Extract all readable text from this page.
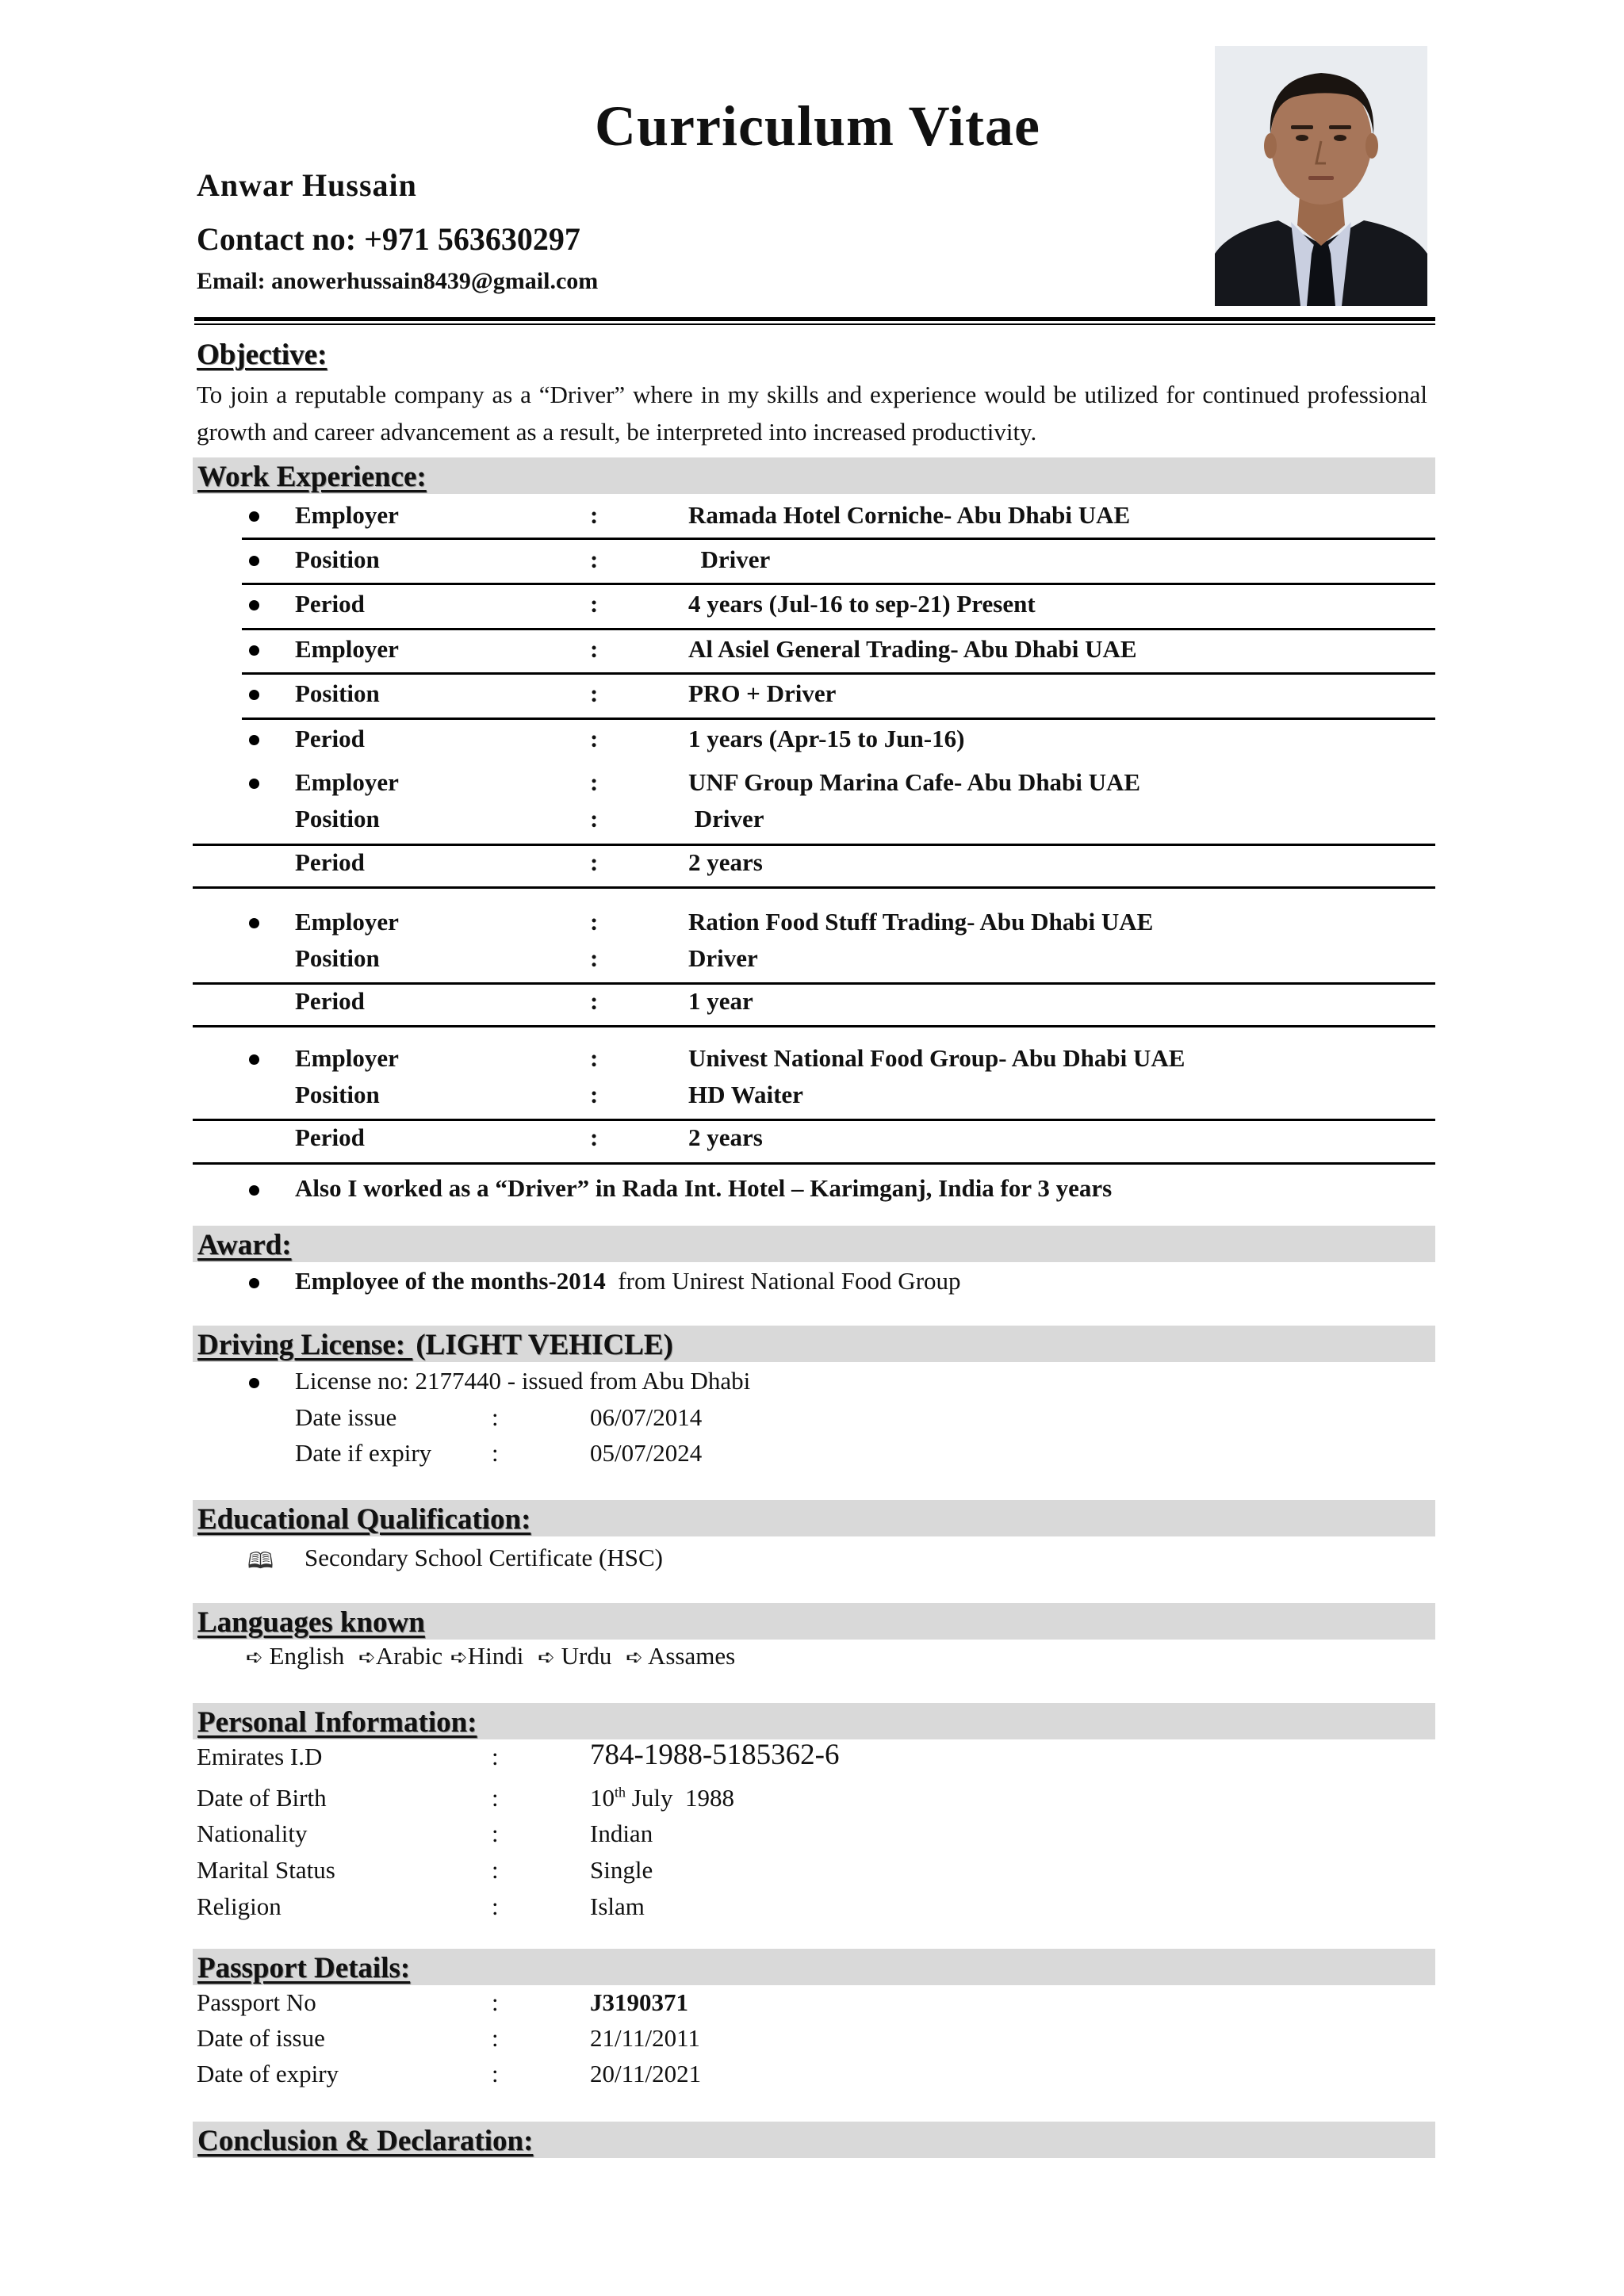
Curriculum Vitae
Anwar Hussain
Contact no: +971 563630297
Email: anowerhussain8439@gmail.com
Objective:
To join a reputable company as a “Driver” where in my skills and experience would be utilized for continued professional growth and career advancement as a result, be interpreted into increased productivity.
Work Experience:
Employer	:	Ramada Hotel Corniche- Abu Dhabi UAE
Position	:	Driver
Period	:	4 years (Jul-16 to sep-21) Present
Employer	:	Al Asiel General Trading- Abu Dhabi UAE
Position	:	PRO + Driver
Period	:	1 years (Apr-15 to Jun-16)
Employer	:	UNF Group Marina Cafe- Abu Dhabi UAE
Position	:	Driver
Period	:	2 years
Employer	:	Ration Food Stuff Trading- Abu Dhabi UAE
Position	:	Driver
Period	:	1 year
Employer	:	Univest National Food Group- Abu Dhabi UAE
Position	:	HD Waiter
Period	:	2 years
Also I worked as a “Driver” in Rada Int. Hotel – Karimganj, India for 3 years
Award:
Employee of the months-2014 from Unirest National Food Group
Driving License: (LIGHT VEHICLE)
License no: 2177440 - issued from Abu Dhabi
Date issue	:	06/07/2014
Date if expiry :	05/07/2024
Educational Qualification:
🕮 Secondary School Certificate (HSC)
Languages known
➪ English ➪Arabic ➪Hindi ➪ Urdu ➪ Assames
Personal Information:
Emirates I.D	:	784-1988-5185362-6
Date of Birth	:	10th July  1988
Nationality	:	Indian
Marital Status	:	Single
Religion	:	Islam
Passport Details:
Passport No	:	J3190371
Date of issue	:	21/11/2011
Date of expiry	:	20/11/2021
Conclusion & Declaration:
